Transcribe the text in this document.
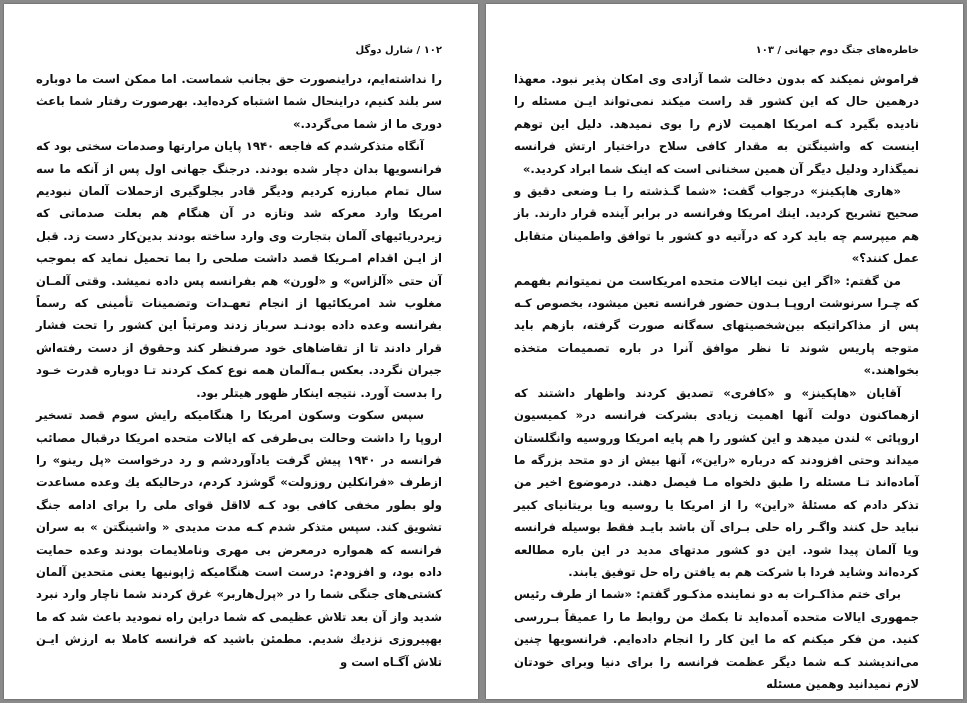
۱۰۲ / شارل دوگل

را نداشته‌ایم، دراینصورت حق بجانب شماست. اما ممکن است ما دوباره سر بلند کنیم، دراینحال شما اشتباه کرده‌اید. بهرصورت رفتار شما باعث دوری ما از شما می‌گردد.»

آنگاه متذکرشدم که فاجعه ۱۹۴۰ پایان مرارتها وصدمات سختی بود که فرانسویها بدان دچار شده بودند. درجنگ جهانی اول پس از آنکه ما سه سال تمام مبارزه کردیم ودیگر قادر بجلوگیری ازحملات آلمان نبودیم امریکا وارد معرکه شد وتازه در آن هنگام هم بعلت صدماتی که زیردریائیهای آلمان بتجارت وی وارد ساخته بودند بدین‌کار دست زد. قبل از ایـن اقدام امـریکا قصد داشت صلحی را بما تحمیل نماید که بموجب آن حتی «آلزاس» و «لورن» هم بفرانسه پس داده نمیشد. وقتی آلمـان مغلوب شد امریکائیها از انجام تعهـدات وتضمینات تأمینی که رسماً بفرانسه وعده داده بودنـد سرباز زدند ومرتباً این کشور را تحت فشار قرار دادند تا از تقاضاهای خود صرفنظر کند وحقوق از دست رفته‌اش جبران نگردد. بعکس بـه‌آلمان همه نوع کمک کردند تـا دوباره قدرت خـود را بدست آورد. نتیجه اینکار ظهور هیتلر بود.

سپس سکوت وسکون امریکا را هنگامیکه رایش سوم قصد تسخیر اروپا را داشت وحالت بی‌طرفی که ایالات متحده امریکا درقبال مصائب فرانسه در ۱۹۴۰ پیش گرفت یادآوردشم و رد درخواست «پل رینو» را ازطرف «فرانکلین روزولت» گوشزد کردم، درحالیکه یك وعده مساعدت ولو بطور مخفی کافی بود کـه لااقل قوای ملی را برای ادامه جنگ تشویق کند. سپس متذکر شدم کـه مدت مدیدی « واشینگتن » به سران فرانسه که همواره درمعرض بی مهری وناملایمات بودند وعده حمایت داده بود، و افزودم: درست است هنگامیکه ژاپونیها یعنی متحدین آلمان کشتی‌های جنگی شما را در «پرل‌هاربر» غرق کردند شما ناچار وارد نبرد شدید واز آن بعد تلاش عظیمی که شما دراین راه نمودید باعث شد که ما بهپیروزی نزدیك شدیم. مطمئن باشید که فرانسه کاملا به ارزش ایـن تلاش آگـاه است و

خاطره‌های جنگ دوم جهانی / ۱۰۳

فراموش نمیکند که بدون دخالت شما آزادی وی امکان پذیر نبود. معهذا درهمین حال که این کشور قد راست میکند نمی‌تواند ایـن مسئله را نادیده بگیرد کـه امریکا اهمیت لازم را بوی نمیدهد. دلیل این توهم اینست که واشینگتن به مقدار کافی سلاح دراختیار ارتش فرانسه نمیگذارد ودلیل دیگر آن همین سخنانی است که اینک شما ابراد کردید.»

«هاری هاپکینز» درجواب گفت: «شما گـذشته را بـا وضعی دقیق و صحیح تشریح کردید. اینك امریکا وفرانسه در برابر آینده قرار دارند. باز هم میپرسم چه باید کرد که درآتیه دو کشور با توافق واطمینان متقابل عمل کنند؟»

من گفتم: «اگر این نیت ایالات متحده امریکاست من نمیتوانم بفهمم که چـرا سرنوشت اروپـا بـدون حضور فرانسه تعین میشود، بخصوص کـه پس از مذاکراتیکه بین‌شخصیتهای سه‌گانه صورت گرفته، بازهم باید متوجه پاریس شوند تا نظر موافق آنرا در باره تصمیمات متخذه بخواهند.»

آقایان «هاپکینز» و «کافری» تصدیق کردند واظهار داشتند که ازهماکنون دولت آنها اهمیت زیادی بشرکت فرانسه در« کمیسیون اروپائی » لندن میدهد و این کشور را هم پایه امریکا وروسیه وانگلستان میداند وحتی افزودند که درباره «راین»، آنها بیش از دو متحد بزرگه ما آماده‌اند تـا مسئله را طبق دلخواه مـا فیصل دهند. درموضوع اخیر من تذکر دادم که مسئلهٔ «راین» را از امریکا یا روسیه ویا بریتانیای کبیر نباید حل کنند واگـر راه حلی بـرای آن باشد بایـد فقط بوسیله فرانسه ویا آلمان پیدا شود. این دو کشور مدتهای مدید در این باره مطالعه کرده‌اند وشاید فردا با شرکت هم به یافتن راه حل توفیق یابند.

برای ختم مذاکـرات به دو نماینده مذکـور گفتم: «شما از طرف رئیس جمهوری ایالات متحده آمده‌اید تا بکمك من روابط ما را عمیقاً بـررسی کنید. من فکر میکنم که ما این کار را انجام داده‌ایم. فرانسویها چنین می‌اندیشند کـه شما دیگر عظمت فرانسه را برای دنیا وبرای خودتان لازم نمیدانید وهمین مسئله
